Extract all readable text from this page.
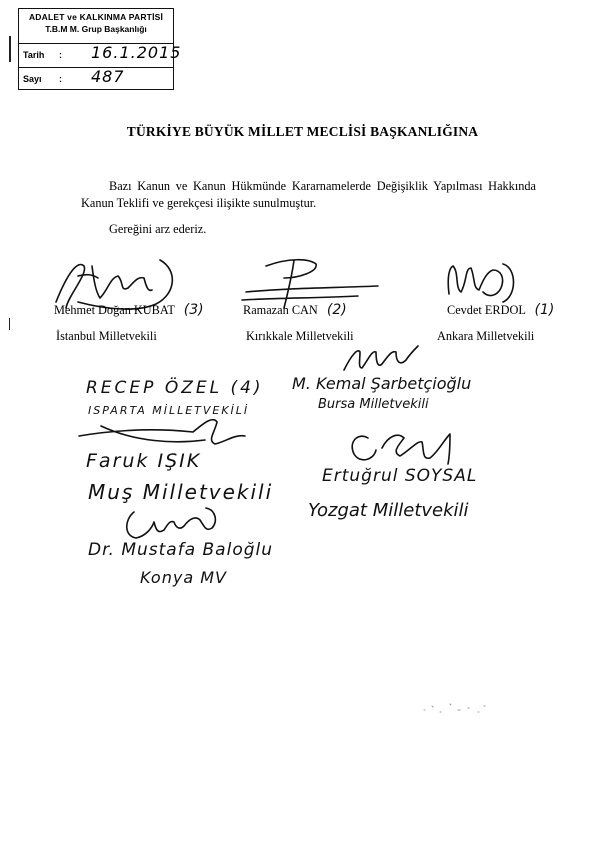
ADALET ve KALKINMA PARTİSİ
T.B.M M. Grup Başkanlığı
Tarih : 16.1.2015
Sayı : 487
TÜRKİYE BÜYÜK MİLLET MECLİSİ BAŞKANLIĞINA
Bazı Kanun ve Kanun Hükmünde Kararnamelerde Değişiklik Yapılması Hakkında Kanun Teklifi ve gerekçesi ilişikte sunulmuştur.
Gereğini arz ederiz.
Mehmet Doğan KUBAT (3)	Ramazan CAN (2)	Cevdet ERDOL (1)
İstanbul Milletvekili	Kırıkkale Milletvekili	Ankara Milletvekili
RECEP ÖZEL (4)
ISPARTA MİLLETVEKİLİ
M. Kemal Şarbetçioğlu
Bursa Milletvekili
Faruk IŞIK
Muş Milletvekili
Ertuğrul SOYSAL
Yozgat Milletvekili
Dr. Mustafa Baloğlu
Konya MV
